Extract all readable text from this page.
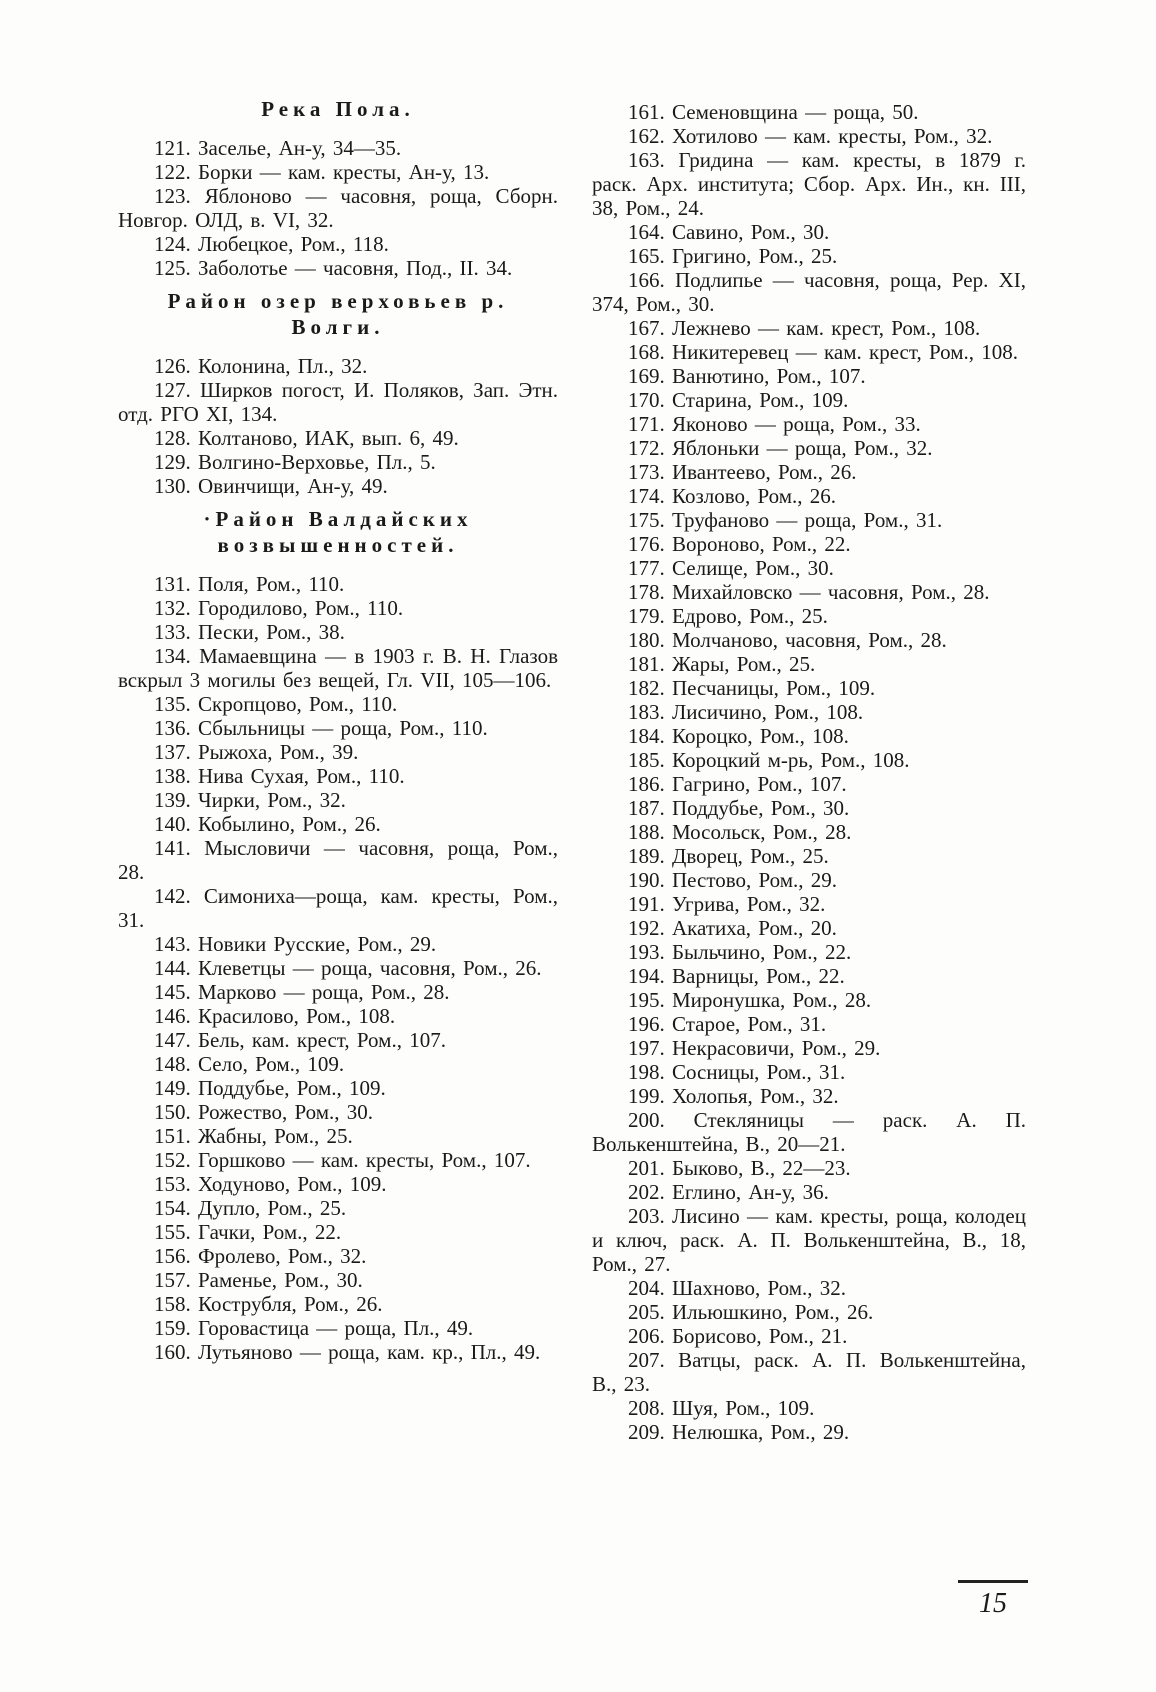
Река Пола.

121. Заселье, Ан-у, 34—35.

122. Борки — кам. кресты, Ан-у, 13.

123. Яблоново — часовня, роща, Сборн. Новгор. ОЛД, в. VI, 32.

124. Любецкое, Ром., 118.

125. Заболотье — часовня, Под., II. 34.

Район озер верховьев р. Волги.

126. Колонина, Пл., 32.

127. Ширков погост, И. Поляков, Зап. Этн. отд. РГО XI, 134.

128. Колтаново, ИАК, вып. 6, 49.

129. Волгино-Верховье, Пл., 5.

130. Овинчищи, Ан-у, 49.

·Район Валдайских возвышенностей.

131. Поля, Ром., 110.

132. Городилово, Ром., 110.

133. Пески, Ром., 38.

134. Мамаевщина — в 1903 г. В. Н. Глазов вскрыл 3 могилы без вещей, Гл. VII, 105—106.

135. Скропцово, Ром., 110.

136. Сбыльницы — роща, Ром., 110.

137. Рыжоха, Ром., 39.

138. Нива Сухая, Ром., 110.

139. Чирки, Ром., 32.

140. Кобылино, Ром., 26.

141. Мысловичи — часовня, роща, Ром., 28.

142. Симониха—роща, кам. кресты, Ром., 31.

143. Новики Русские, Ром., 29.

144. Клеветцы — роща, часовня, Ром., 26.

145. Марково — роща, Ром., 28.

146. Красилово, Ром., 108.

147. Бель, кам. крест, Ром., 107.

148. Село, Ром., 109.

149. Поддубье, Ром., 109.

150. Рожество, Ром., 30.

151. Жабны, Ром., 25.

152. Горшково — кам. кресты, Ром., 107.

153. Ходуново, Ром., 109.

154. Дупло, Ром., 25.

155. Гачки, Ром., 22.

156. Фролево, Ром., 32.

157. Раменье, Ром., 30.

158. Кострубля, Ром., 26.

159. Горовастица — роща, Пл., 49.

160. Лутьяново — роща, кам. кр., Пл., 49.

161. Семеновщина — роща, 50.

162. Хотилово — кам. кресты, Ром., 32.

163. Гридина — кам. кресты, в 1879 г. раск. Арх. института; Сбор. Арх. Ин., кн. III, 38, Ром., 24.

164. Савино, Ром., 30.

165. Григино, Ром., 25.

166. Подлипье — часовня, роща, Рер. XI, 374, Ром., 30.

167. Лежнево — кам. крест, Ром., 108.

168. Никитеревец — кам. крест, Ром., 108.

169. Ванютино, Ром., 107.

170. Старина, Ром., 109.

171. Яконово — роща, Ром., 33.

172. Яблоньки — роща, Ром., 32.

173. Ивантеево, Ром., 26.

174. Козлово, Ром., 26.

175. Труфаново — роща, Ром., 31.

176. Вороново, Ром., 22.

177. Селище, Ром., 30.

178. Михайловско — часовня, Ром., 28.

179. Едрово, Ром., 25.

180. Молчаново, часовня, Ром., 28.

181. Жары, Ром., 25.

182. Песчаницы, Ром., 109.

183. Лисичино, Ром., 108.

184. Короцко, Ром., 108.

185. Короцкий м-рь, Ром., 108.

186. Гагрино, Ром., 107.

187. Поддубье, Ром., 30.

188. Мосольск, Ром., 28.

189. Дворец, Ром., 25.

190. Пестово, Ром., 29.

191. Угрива, Ром., 32.

192. Акатиха, Ром., 20.

193. Быльчино, Ром., 22.

194. Варницы, Ром., 22.

195. Миронушка, Ром., 28.

196. Старое, Ром., 31.

197. Некрасовичи, Ром., 29.

198. Сосницы, Ром., 31.

199. Холопья, Ром., 32.

200. Стекляницы — раск. А. П. Волькенштейна, В., 20—21.

201. Быково, В., 22—23.

202. Еглино, Ан-у, 36.

203. Лисино — кам. кресты, роща, колодец и ключ, раск. А. П. Волькенштейна, В., 18, Ром., 27.

204. Шахново, Ром., 32.

205. Ильюшкино, Ром., 26.

206. Борисово, Ром., 21.

207. Ватцы, раск. А. П. Волькенштейна, В., 23.

208. Шуя, Ром., 109.

209. Нелюшка, Ром., 29.

15
